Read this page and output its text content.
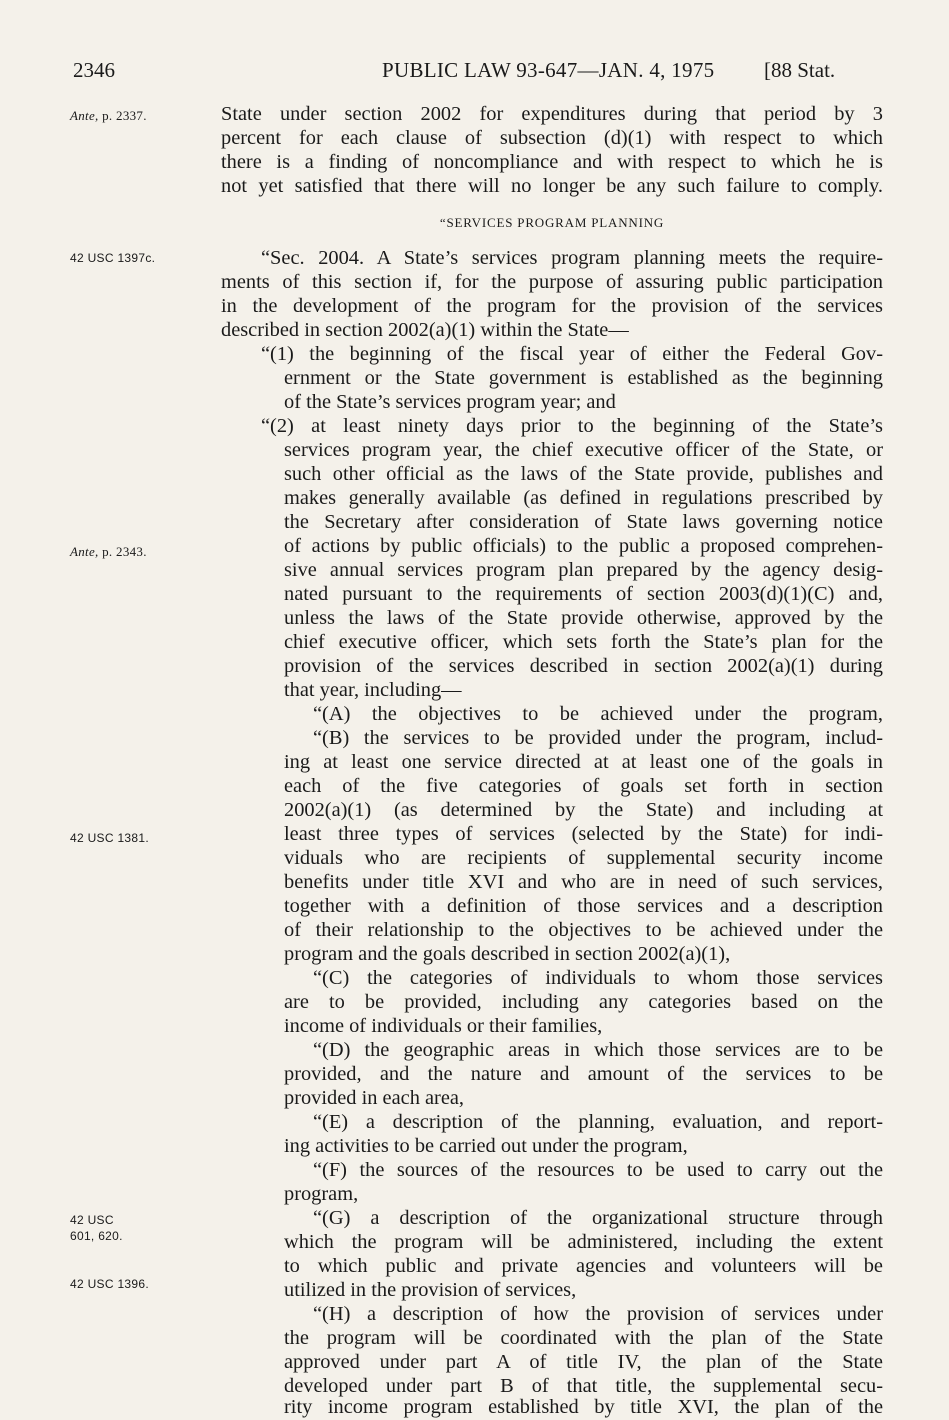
2346	PUBLIC LAW 93-647—JAN. 4, 1975 [88 Stat.
Ante, p. 2337.
42 USC 1397c.
Ante, p. 2343.
42 USC 1381.
42 USC 601, 620.
42 USC 1396.
State under section 2002 for expenditures during that period by 3
percent for each clause of subsection (d)(1) with respect to which
there is a finding of noncompliance and with respect to which he is
not yet satisfied that there will no longer be any such failure to comply.
“SERVICES PROGRAM PLANNING
“Sec. 2004. A State’s services program planning meets the require-
ments of this section if, for the purpose of assuring public participation
in the development of the program for the provision of the services
described in section 2002(a)(1) within the State—
“(1) the beginning of the fiscal year of either the Federal Gov-
ernment or the State government is established as the beginning
of the State’s services program year; and
“(2) at least ninety days prior to the beginning of the State’s
services program year, the chief executive officer of the State, or
such other official as the laws of the State provide, publishes and
makes generally available (as defined in regulations prescribed by
the Secretary after consideration of State laws governing notice
of actions by public officials) to the public a proposed comprehen-
sive annual services program plan prepared by the agency desig-
nated pursuant to the requirements of section 2003(d)(1)(C) and,
unless the laws of the State provide otherwise, approved by the
chief executive officer, which sets forth the State’s plan for the
provision of the services described in section 2002(a)(1) during
that year, including—
“(A) the objectives to be achieved under the program,
“(B) the services to be provided under the program, includ-
ing at least one service directed at at least one of the goals in
each of the five categories of goals set forth in section
2002(a)(1) (as determined by the State) and including at
least three types of services (selected by the State) for indi-
viduals who are recipients of supplemental security income
benefits under title XVI and who are in need of such services,
together with a definition of those services and a description
of their relationship to the objectives to be achieved under the
program and the goals described in section 2002(a)(1),
“(C) the categories of individuals to whom those services
are to be provided, including any categories based on the
income of individuals or their families,
“(D) the geographic areas in which those services are to be
provided, and the nature and amount of the services to be
provided in each area,
“(E) a description of the planning, evaluation, and report-
ing activities to be carried out under the program,
“(F) the sources of the resources to be used to carry out the
program,
“(G) a description of the organizational structure through
which the program will be administered, including the extent
to which public and private agencies and volunteers will be
utilized in the provision of services,
“(H) a description of how the provision of services under
the program will be coordinated with the plan of the State
approved under part A of title IV, the plan of the State
developed under part B of that title, the supplemental secu-
rity income program established by title XVI, the plan of the
